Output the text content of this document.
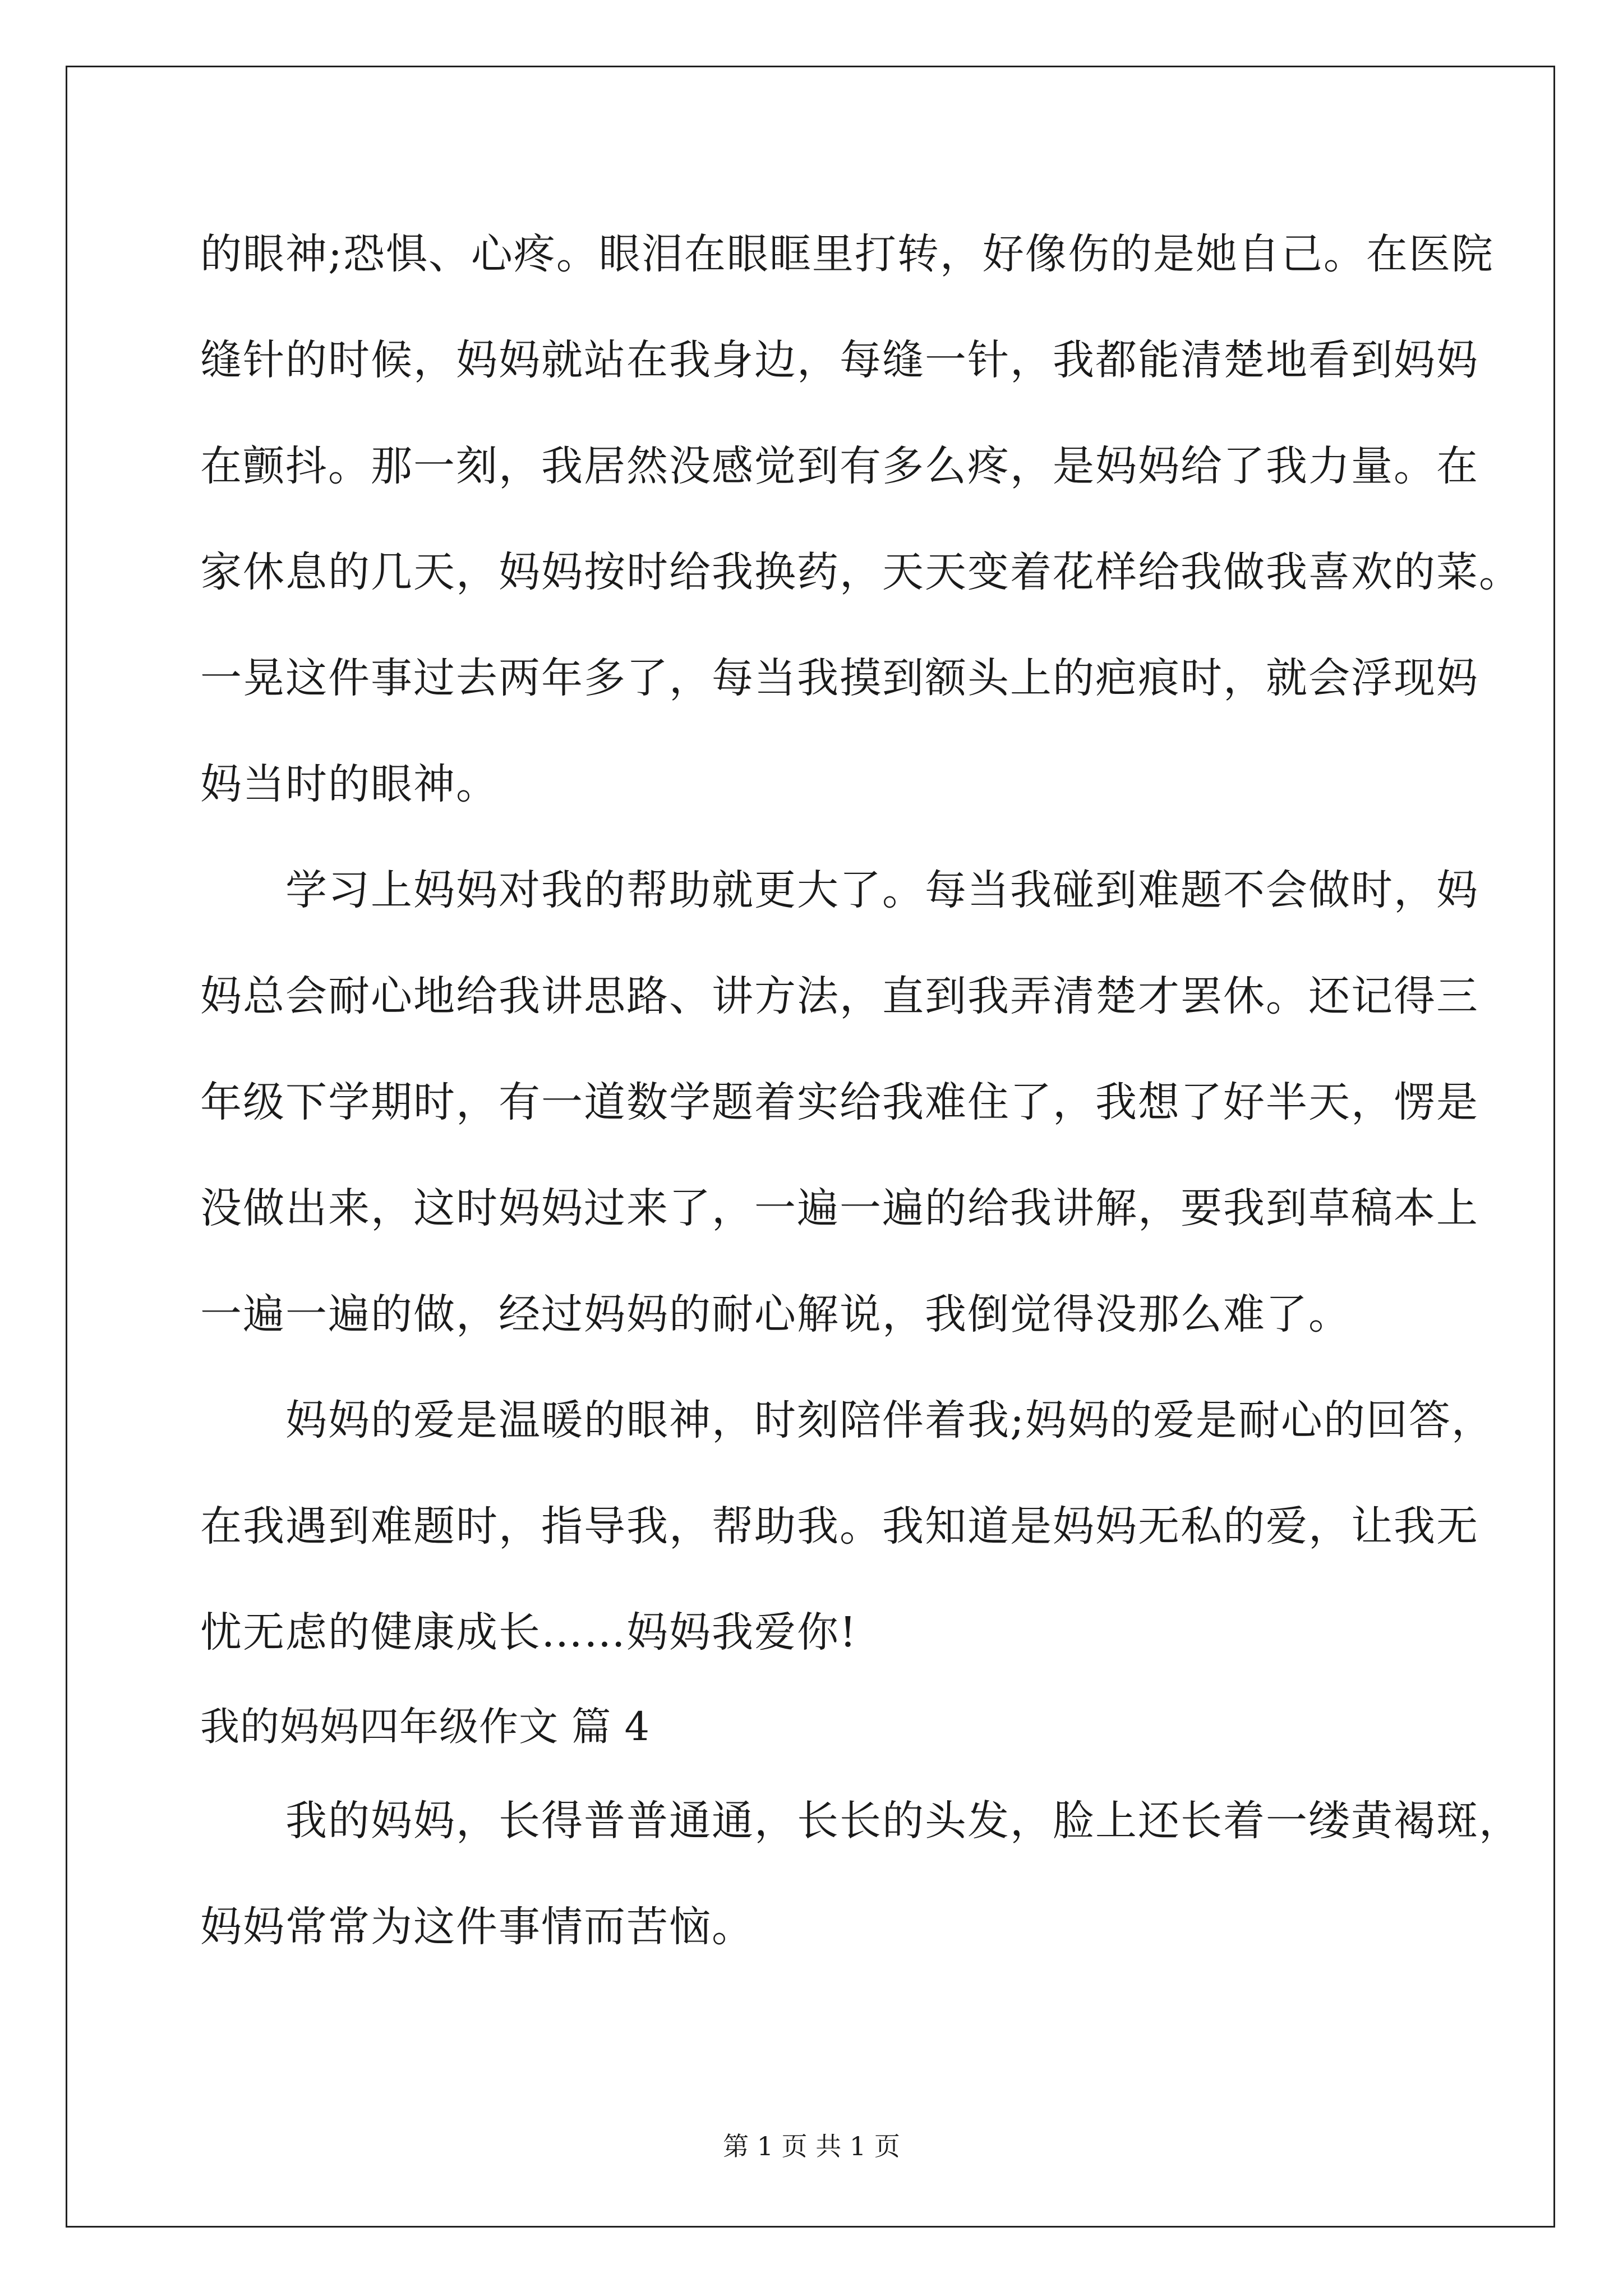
的眼神;恐惧、心疼。眼泪在眼眶里打转，好像伤的是她自己。在医院
缝针的时候，妈妈就站在我身边，每缝一针，我都能清楚地看到妈妈
在颤抖。那一刻，我居然没感觉到有多么疼，是妈妈给了我力量。在
家休息的几天，妈妈按时给我换药，天天变着花样给我做我喜欢的菜。
一晃这件事过去两年多了，每当我摸到额头上的疤痕时，就会浮现妈
妈当时的眼神。
　　学习上妈妈对我的帮助就更大了。每当我碰到难题不会做时，妈
妈总会耐心地给我讲思路、讲方法，直到我弄清楚才罢休。还记得三
年级下学期时，有一道数学题着实给我难住了，我想了好半天，愣是
没做出来，这时妈妈过来了，一遍一遍的给我讲解，要我到草稿本上
一遍一遍的做，经过妈妈的耐心解说，我倒觉得没那么难了。
　　妈妈的爱是温暖的眼神，时刻陪伴着我;妈妈的爱是耐心的回答，
在我遇到难题时，指导我，帮助我。我知道是妈妈无私的爱，让我无
忧无虑的健康成长……妈妈我爱你!
我的妈妈四年级作文 篇 4
　　我的妈妈，长得普普通通，长长的头发，脸上还长着一缕黄褐斑，
妈妈常常为这件事情而苦恼。
第 1 页 共 1 页
